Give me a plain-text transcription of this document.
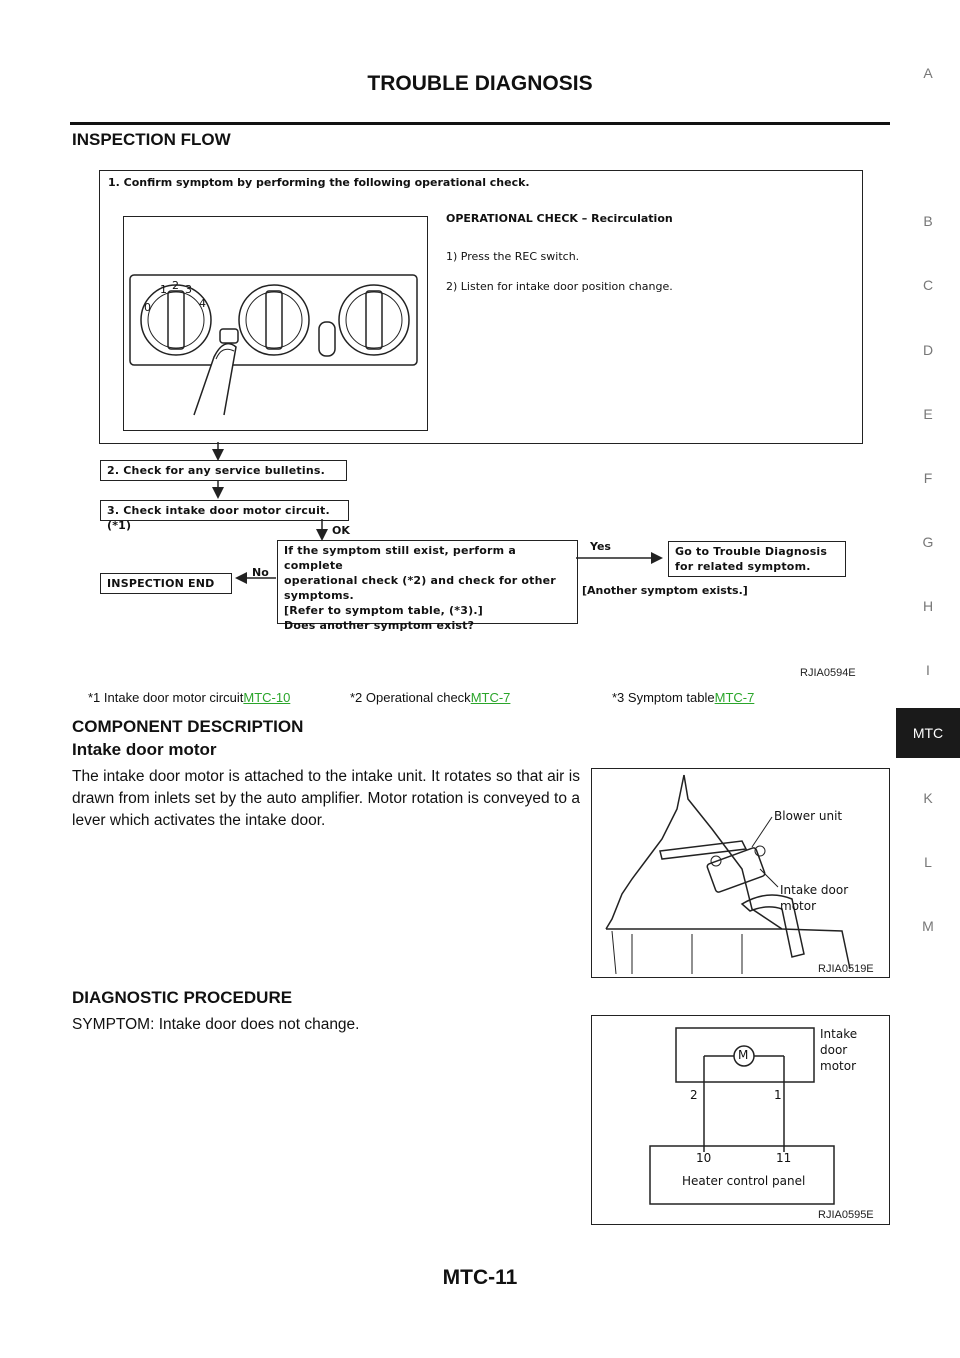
TROUBLE DIAGNOSIS	A
B
C
D
E
F
G
H
I
MTC
K
L
M
INSPECTION FLOW
1. Confirm symptom by performing the following operational check.
0
1 2 3
4
OPERATIONAL CHECK – Recirculation
1) Press the REC switch.
2) Listen for intake door position change.
2. Check for any service bulletins.
3. Check intake door motor circuit. (*1)	OK
If the symptom still exist, perform a complete
operational check (*2) and check for other
symptoms.
[Refer to symptom table, (*3).]
Does another symptom exist?
Yes
No
INSPECTION END
Go to Trouble Diagnosis
for related symptom.
[Another symptom exists.]
RJIA0594E
*1 Intake door motor circuitMTC-10	*2 Operational checkMTC-7	*3 Symptom tableMTC-7
COMPONENT DESCRIPTION
Intake door motor
The intake door motor is attached to the intake unit. It rotates so that air is drawn from inlets set by the auto amplifier. Motor rotation is conveyed to a lever which activates the intake door.	Blower unit
Intake door
motor
RJIA0519E
DIAGNOSTIC PROCEDURE
SYMPTOM: Intake door does not change.
M
Intake
door
motor
2	1
10	11
Heater control panel
RJIA0595E
MTC-11
